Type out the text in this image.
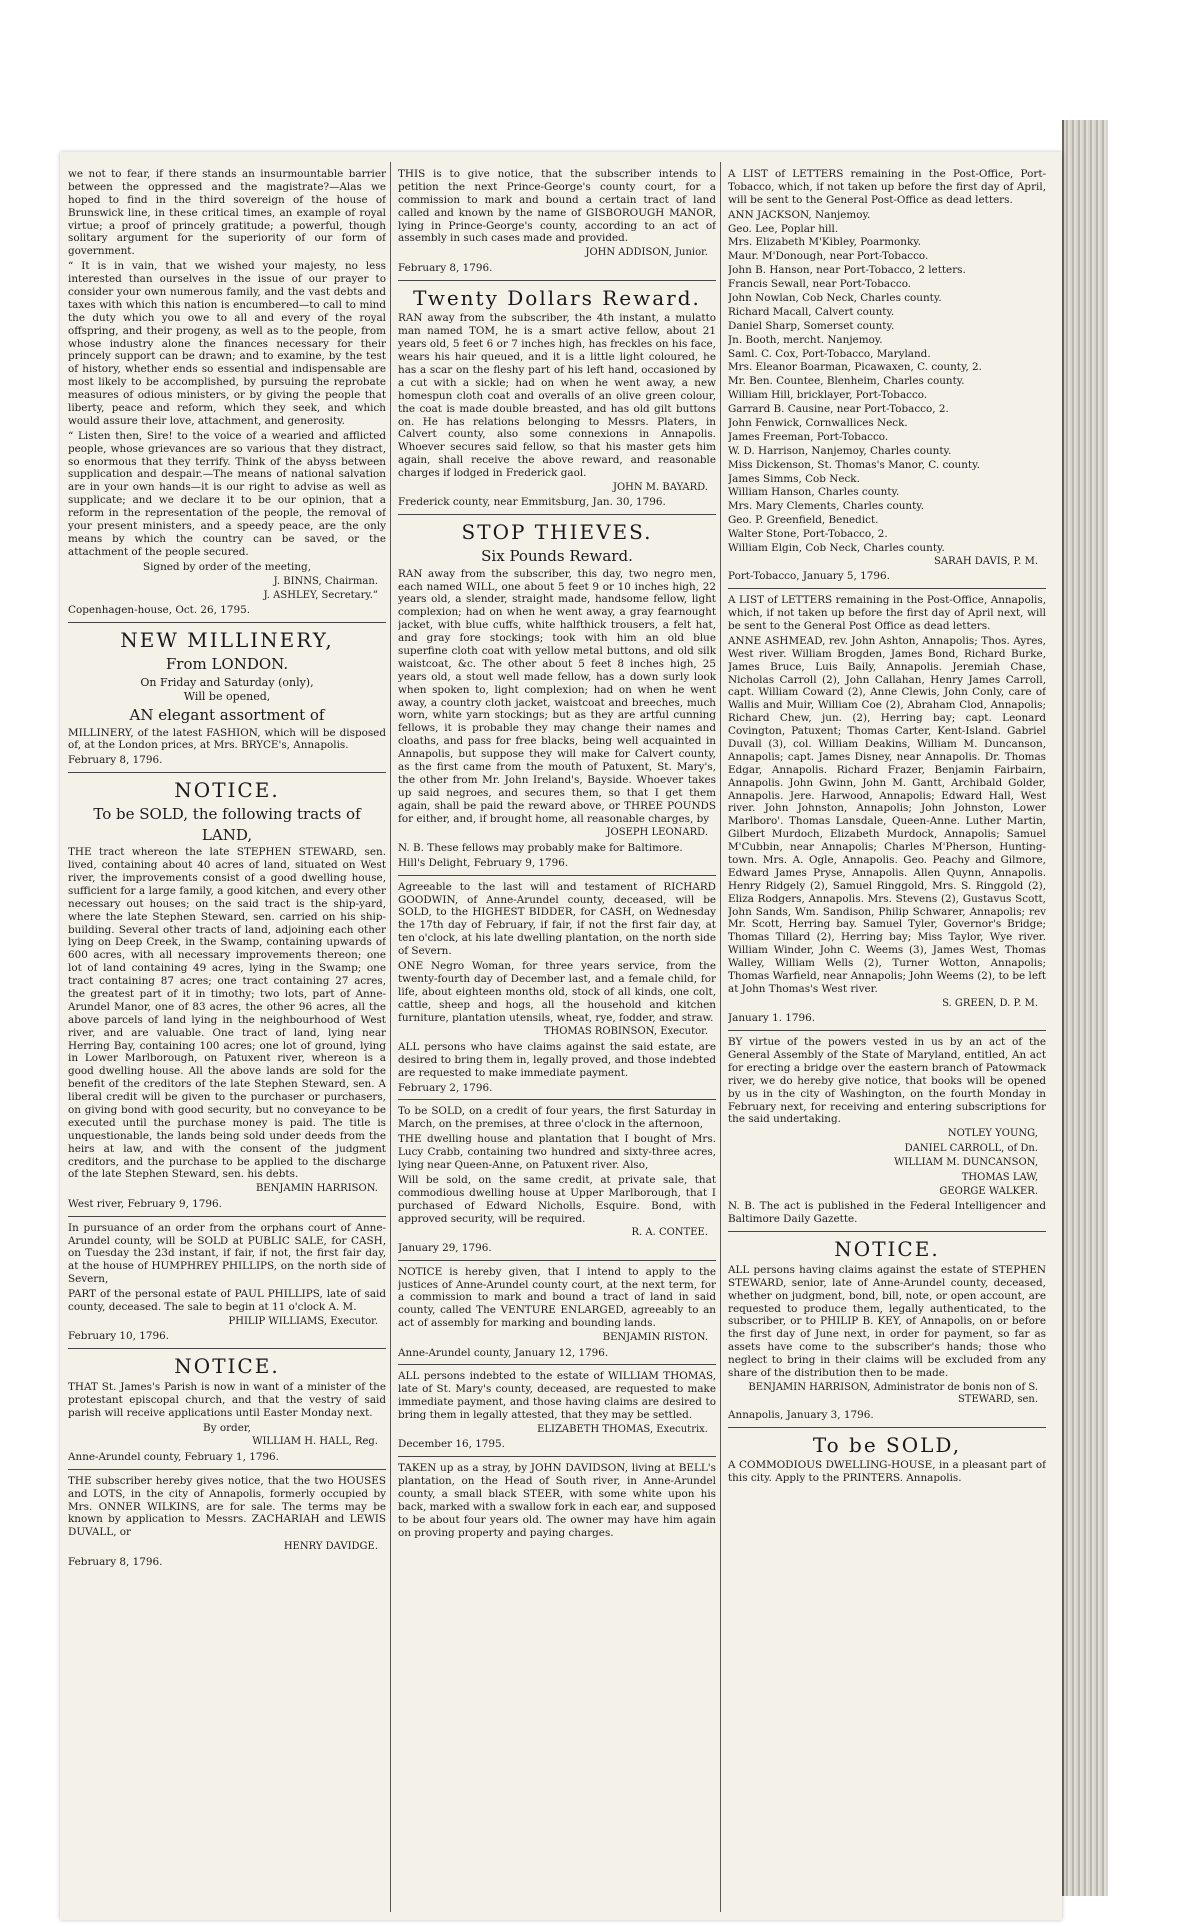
we not to fear, if there stands an insurmountable barrier between the oppressed and the magistrate?—Alas we hoped to find in the third sovereign of the house of Brunswick line, in these critical times, an example of royal virtue; a proof of princely gratitude; a powerful, though solitary argument for the superiority of our form of government.

“ It is in vain, that we wished your majesty, no less interested than ourselves in the issue of our prayer to consider your own numerous family, and the vast debts and taxes with which this nation is encumbered—to call to mind the duty which you owe to all and every of the royal offspring, and their progeny, as well as to the people, from whose industry alone the finances necessary for their princely support can be drawn; and to examine, by the test of history, whether ends so essential and indispensable are most likely to be accomplished, by pursuing the reprobate measures of odious ministers, or by giving the people that liberty, peace and reform, which they seek, and which would assure their love, attachment, and generosity.

“ Listen then, Sire! to the voice of a wearied and afflicted people, whose grievances are so various that they distract, so enormous that they terrify. Think of the abyss between supplication and despair.—The means of national salvation are in your own hands—it is our right to advise as well as supplicate; and we declare it to be our opinion, that a reform in the representation of the people, the removal of your present ministers, and a speedy peace, are the only means by which the country can be saved, or the attachment of the people secured.

Signed by order of the meeting,

J. BINNS, Chairman.

J. ASHLEY, Secretary.”

Copenhagen-house, Oct. 26, 1795.

NEW MILLINERY,
From LONDON.
On Friday and Saturday (only),
Will be opened,
AN elegant assortment of

MILLINERY, of the latest FASHION, which will be disposed of, at the London prices, at Mrs. BRYCE's, Annapolis.

February 8, 1796.

NOTICE.
To be SOLD, the following tracts of
LAND,

THE tract whereon the late STEPHEN STEWARD, sen. lived, containing about 40 acres of land, situated on West river, the improvements consist of a good dwelling house, sufficient for a large family, a good kitchen, and every other necessary out houses; on the said tract is the ship-yard, where the late Stephen Steward, sen. carried on his ship-building. Several other tracts of land, adjoining each other lying on Deep Creek, in the Swamp, containing upwards of 600 acres, with all necessary improvements thereon; one lot of land containing 49 acres, lying in the Swamp; one tract containing 87 acres; one tract containing 27 acres, the greatest part of it in timothy; two lots, part of Anne-Arundel Manor, one of 83 acres, the other 96 acres, all the above parcels of land lying in the neighbourhood of West river, and are valuable. One tract of land, lying near Herring Bay, containing 100 acres; one lot of ground, lying in Lower Marlborough, on Patuxent river, whereon is a good dwelling house. All the above lands are sold for the benefit of the creditors of the late Stephen Steward, sen. A liberal credit will be given to the purchaser or purchasers, on giving bond with good security, but no conveyance to be executed until the purchase money is paid. The title is unquestionable, the lands being sold under deeds from the heirs at law, and with the consent of the judgment creditors, and the purchase to be applied to the discharge of the late Stephen Steward, sen. his debts.

BENJAMIN HARRISON.

West river, February 9, 1796.

In pursuance of an order from the orphans court of Anne-Arundel county, will be SOLD at PUBLIC SALE, for CASH, on Tuesday the 23d instant, if fair, if not, the first fair day, at the house of HUMPHREY PHILLIPS, on the north side of Severn,

PART of the personal estate of PAUL PHILLIPS, late of said county, deceased. The sale to begin at 11 o'clock A. M.

PHILIP WILLIAMS, Executor.

February 10, 1796.

NOTICE.

THAT St. James's Parish is now in want of a minister of the protestant episcopal church, and that the vestry of said parish will receive applications until Easter Monday next.

By order,

WILLIAM H. HALL, Reg.

Anne-Arundel county, February 1, 1796.

THE subscriber hereby gives notice, that the two HOUSES and LOTS, in the city of Annapolis, formerly occupied by Mrs. ONNER WILKINS, are for sale. The terms may be known by application to Messrs. ZACHARIAH and LEWIS DUVALL, or

HENRY DAVIDGE.

February 8, 1796.

THIS is to give notice, that the subscriber intends to petition the next Prince-George's county court, for a commission to mark and bound a certain tract of land called and known by the name of GISBOROUGH MANOR, lying in Prince-George's county, according to an act of assembly in such cases made and provided.

JOHN ADDISON, Junior.

February 8, 1796.

Twenty Dollars Reward.

RAN away from the subscriber, the 4th instant, a mulatto man named TOM, he is a smart active fellow, about 21 years old, 5 feet 6 or 7 inches high, has freckles on his face, wears his hair queued, and it is a little light coloured, he has a scar on the fleshy part of his left hand, occasioned by a cut with a sickle; had on when he went away, a new homespun cloth coat and overalls of an olive green colour, the coat is made double breasted, and has old gilt buttons on. He has relations belonging to Messrs. Platers, in Calvert county, also some connexions in Annapolis. Whoever secures said fellow, so that his master gets him again, shall receive the above reward, and reasonable charges if lodged in Frederick gaol.

JOHN M. BAYARD.

Frederick county, near Emmitsburg, Jan. 30, 1796.

STOP THIEVES.
Six Pounds Reward.

RAN away from the subscriber, this day, two negro men, each named WILL, one about 5 feet 9 or 10 inches high, 22 years old, a slender, straight made, handsome fellow, light complexion; had on when he went away, a gray fearnought jacket, with blue cuffs, white halfthick trousers, a felt hat, and gray fore stockings; took with him an old blue superfine cloth coat with yellow metal buttons, and old silk waistcoat, &c. The other about 5 feet 8 inches high, 25 years old, a stout well made fellow, has a down surly look when spoken to, light complexion; had on when he went away, a country cloth jacket, waistcoat and breeches, much worn, white yarn stockings; but as they are artful cunning fellows, it is probable they may change their names and cloaths, and pass for free blacks, being well acquainted in Annapolis, but suppose they will make for Calvert county, as the first came from the mouth of Patuxent, St. Mary's, the other from Mr. John Ireland's, Bayside. Whoever takes up said negroes, and secures them, so that I get them again, shall be paid the reward above, or THREE POUNDS for either, and, if brought home, all reasonable charges, by

JOSEPH LEONARD.

N. B. These fellows may probably make for Baltimore.

Hill's Delight, February 9, 1796.

Agreeable to the last will and testament of RICHARD GOODWIN, of Anne-Arundel county, deceased, will be SOLD, to the HIGHEST BIDDER, for CASH, on Wednesday the 17th day of February, if fair, if not the first fair day, at ten o'clock, at his late dwelling plantation, on the north side of Severn.

ONE Negro Woman, for three years service, from the twenty-fourth day of December last, and a female child, for life, about eighteen months old, stock of all kinds, one colt, cattle, sheep and hogs, all the household and kitchen furniture, plantation utensils, wheat, rye, fodder, and straw.

THOMAS ROBINSON, Executor.

ALL persons who have claims against the said estate, are desired to bring them in, legally proved, and those indebted are requested to make immediate payment.

February 2, 1796.

To be SOLD, on a credit of four years, the first Saturday in March, on the premises, at three o'clock in the afternoon,

THE dwelling house and plantation that I bought of Mrs. Lucy Crabb, containing two hundred and sixty-three acres, lying near Queen-Anne, on Patuxent river. Also,

Will be sold, on the same credit, at private sale, that commodious dwelling house at Upper Marlborough, that I purchased of Edward Nicholls, Esquire. Bond, with approved security, will be required.

R. A. CONTEE.

January 29, 1796.

NOTICE is hereby given, that I intend to apply to the justices of Anne-Arundel county court, at the next term, for a commission to mark and bound a tract of land in said county, called The VENTURE ENLARGED, agreeably to an act of assembly for marking and bounding lands.

BENJAMIN RISTON.

Anne-Arundel county, January 12, 1796.

ALL persons indebted to the estate of WILLIAM THOMAS, late of St. Mary's county, deceased, are requested to make immediate payment, and those having claims are desired to bring them in legally attested, that they may be settled.

ELIZABETH THOMAS, Executrix.

December 16, 1795.

TAKEN up as a stray, by JOHN DAVIDSON, living at BELL's plantation, on the Head of South river, in Anne-Arundel county, a small black STEER, with some white upon his back, marked with a swallow fork in each ear, and supposed to be about four years old. The owner may have him again on proving property and paying charges.

A LIST of LETTERS remaining in the Post-Office, Port-Tobacco, which, if not taken up before the first day of April, will be sent to the General Post-Office as dead letters.

ANN JACKSON, Nanjemoy.

Geo. Lee, Poplar hill.

Mrs. Elizabeth M'Kibley, Poarmonky.

Maur. M'Donough, near Port-Tobacco.

John B. Hanson, near Port-Tobacco, 2 letters.

Francis Sewall, near Port-Tobacco.

John Nowlan, Cob Neck, Charles county.

Richard Macall, Calvert county.

Daniel Sharp, Somerset county.

Jn. Booth, mercht. Nanjemoy.

Saml. C. Cox, Port-Tobacco, Maryland.

Mrs. Eleanor Boarman, Picawaxen, C. county, 2.

Mr. Ben. Countee, Blenheim, Charles county.

William Hill, bricklayer, Port-Tobacco.

Garrard B. Causine, near Port-Tobacco, 2.

John Fenwick, Cornwallices Neck.

James Freeman, Port-Tobacco.

W. D. Harrison, Nanjemoy, Charles county.

Miss Dickenson, St. Thomas's Manor, C. county.

James Simms, Cob Neck.

William Hanson, Charles county.

Mrs. Mary Clements, Charles county.

Geo. P. Greenfield, Benedict.

Walter Stone, Port-Tobacco, 2.

William Elgin, Cob Neck, Charles county.

SARAH DAVIS, P. M.

Port-Tobacco, January 5, 1796.

A LIST of LETTERS remaining in the Post-Office, Annapolis, which, if not taken up before the first day of April next, will be sent to the General Post Office as dead letters.

ANNE ASHMEAD, rev. John Ashton, Annapolis; Thos. Ayres, West river. William Brogden, James Bond, Richard Burke, James Bruce, Luis Baily, Annapolis. Jeremiah Chase, Nicholas Carroll (2), John Callahan, Henry James Carroll, capt. William Coward (2), Anne Clewis, John Conly, care of Wallis and Muir, William Coe (2), Abraham Clod, Annapolis; Richard Chew, jun. (2), Herring bay; capt. Leonard Covington, Patuxent; Thomas Carter, Kent-Island. Gabriel Duvall (3), col. William Deakins, William M. Duncanson, Annapolis; capt. James Disney, near Annapolis. Dr. Thomas Edgar, Annapolis. Richard Frazer, Benjamin Fairbairn, Annapolis. John Gwinn, John M. Gantt, Archibald Golder, Annapolis. Jere. Harwood, Annapolis; Edward Hall, West river. John Johnston, Annapolis; John Johnston, Lower Marlboro'. Thomas Lansdale, Queen-Anne. Luther Martin, Gilbert Murdoch, Elizabeth Murdock, Annapolis; Samuel M'Cubbin, near Annapolis; Charles M'Pherson, Hunting-town. Mrs. A. Ogle, Annapolis. Geo. Peachy and Gilmore, Edward James Pryse, Annapolis. Allen Quynn, Annapolis. Henry Ridgely (2), Samuel Ringgold, Mrs. S. Ringgold (2), Eliza Rodgers, Annapolis. Mrs. Stevens (2), Gustavus Scott, John Sands, Wm. Sandison, Philip Schwarer, Annapolis; rev Mr. Scott, Herring bay. Samuel Tyler, Governor's Bridge; Thomas Tillard (2), Herring bay; Miss Taylor, Wye river. William Winder, John C. Weems (3), James West, Thomas Walley, William Wells (2), Turner Wotton, Annapolis; Thomas Warfield, near Annapolis; John Weems (2), to be left at John Thomas's West river.

S. GREEN, D. P. M.

January 1. 1796.

BY virtue of the powers vested in us by an act of the General Assembly of the State of Maryland, entitled, An act for erecting a bridge over the eastern branch of Patowmack river, we do hereby give notice, that books will be opened by us in the city of Washington, on the fourth Monday in February next, for receiving and entering subscriptions for the said undertaking.

NOTLEY YOUNG,

DANIEL CARROLL, of Dn.

WILLIAM M. DUNCANSON,

THOMAS LAW,

GEORGE WALKER.

N. B. The act is published in the Federal Intelligencer and Baltimore Daily Gazette.

NOTICE.

ALL persons having claims against the estate of STEPHEN STEWARD, senior, late of Anne-Arundel county, deceased, whether on judgment, bond, bill, note, or open account, are requested to produce them, legally authenticated, to the subscriber, or to PHILIP B. KEY, of Annapolis, on or before the first day of June next, in order for payment, so far as assets have come to the subscriber's hands; those who neglect to bring in their claims will be excluded from any share of the distribution then to be made.

BENJAMIN HARRISON, Administrator de bonis non of S. STEWARD, sen.

Annapolis, January 3, 1796.

To be SOLD,

A COMMODIOUS DWELLING-HOUSE, in a pleasant part of this city. Apply to the PRINTERS. Annapolis.
